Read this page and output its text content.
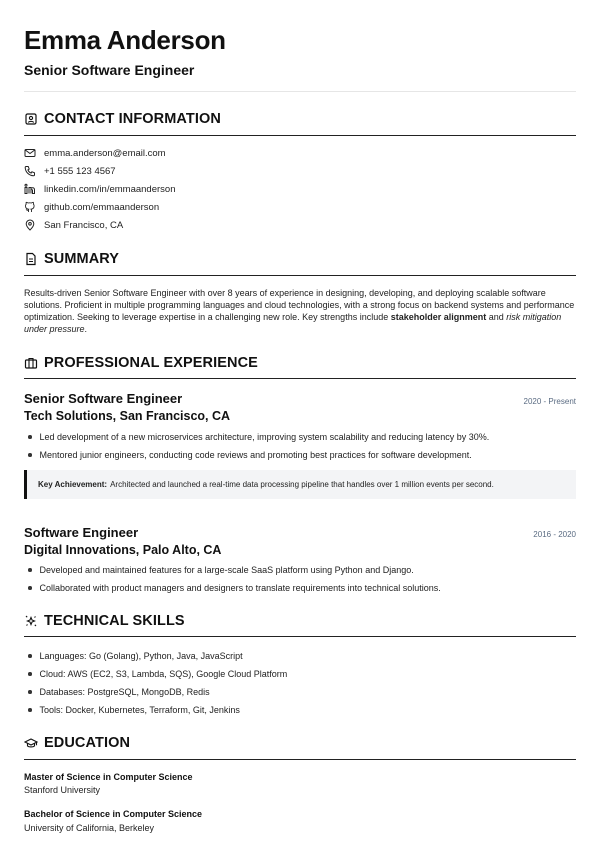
Emma Anderson
Senior Software Engineer
CONTACT INFORMATION
emma.anderson@email.com
+1 555 123 4567
linkedin.com/in/emmaanderson
github.com/emmaanderson
San Francisco, CA
SUMMARY
Results-driven Senior Software Engineer with over 8 years of experience in designing, developing, and deploying scalable software solutions. Proficient in multiple programming languages and cloud technologies, with a strong focus on backend systems and performance optimization. Seeking to leverage expertise in a challenging new role. Key strengths include stakeholder alignment and risk mitigation under pressure.
PROFESSIONAL EXPERIENCE
Senior Software Engineer	2020 - Present
Tech Solutions, San Francisco, CA
Led development of a new microservices architecture, improving system scalability and reducing latency by 30%.
Mentored junior engineers, conducting code reviews and promoting best practices for software development.
Key Achievement: Architected and launched a real-time data processing pipeline that handles over 1 million events per second.
Software Engineer	2016 - 2020
Digital Innovations, Palo Alto, CA
Developed and maintained features for a large-scale SaaS platform using Python and Django.
Collaborated with product managers and designers to translate requirements into technical solutions.
TECHNICAL SKILLS
Languages: Go (Golang), Python, Java, JavaScript
Cloud: AWS (EC2, S3, Lambda, SQS), Google Cloud Platform
Databases: PostgreSQL, MongoDB, Redis
Tools: Docker, Kubernetes, Terraform, Git, Jenkins
EDUCATION
Master of Science in Computer Science
Stanford University
Bachelor of Science in Computer Science
University of California, Berkeley
